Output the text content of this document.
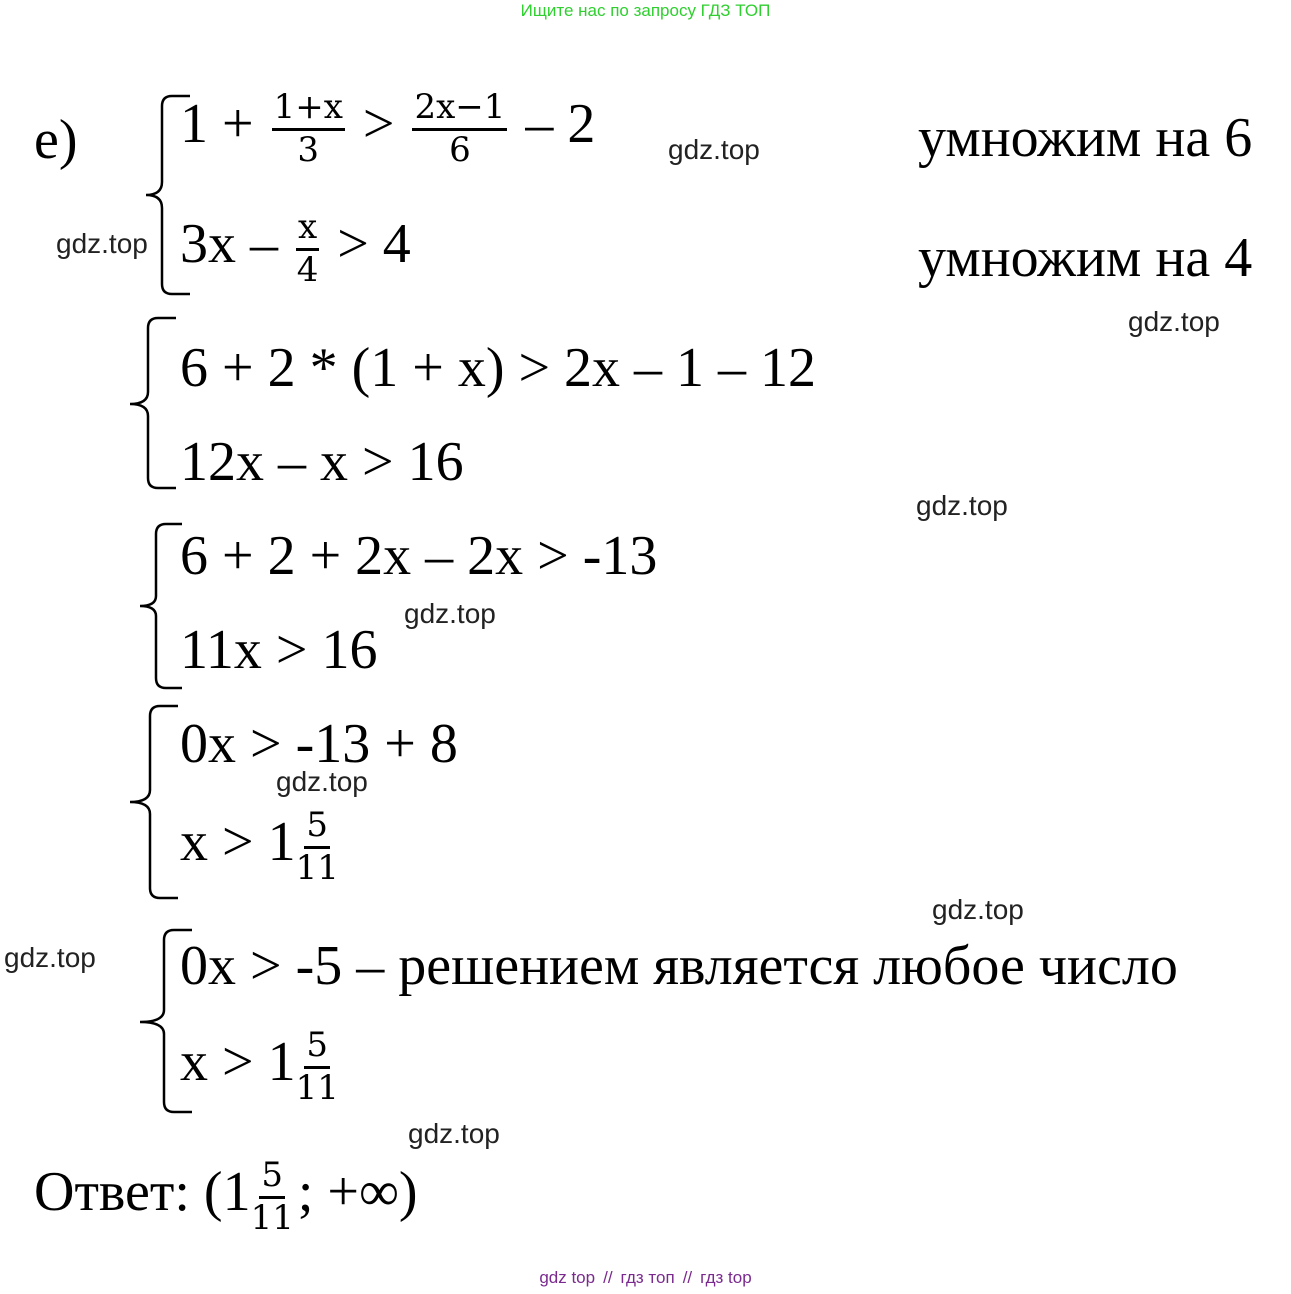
Ищите нас по запросу ГДЗ ТОП
е) $1 + \frac{1+x}{3} > \frac{2x-1}{6} - 2$
$3x - \frac{x}{4} > 4$
умножим на 6
умножим на 4
6 + 2 * (1 + x) > 2x – 1 – 12
12x – x > 16
6 + 2 + 2x – 2x > -13
11x > 16
0x > -13 + 8
$x > 1 \frac{5}{11}$
0x > -5 – решением является любое число
$x > 1 \frac{5}{11}$
Ответ: ($1 \frac{5}{11}$ ; +∞)
gdz.top
gdz.top
gdz.top
gdz.top
gdz.top
gdz.top
gdz.top
gdz.top
gdz.top
gdz top // гдз топ // гдз top
